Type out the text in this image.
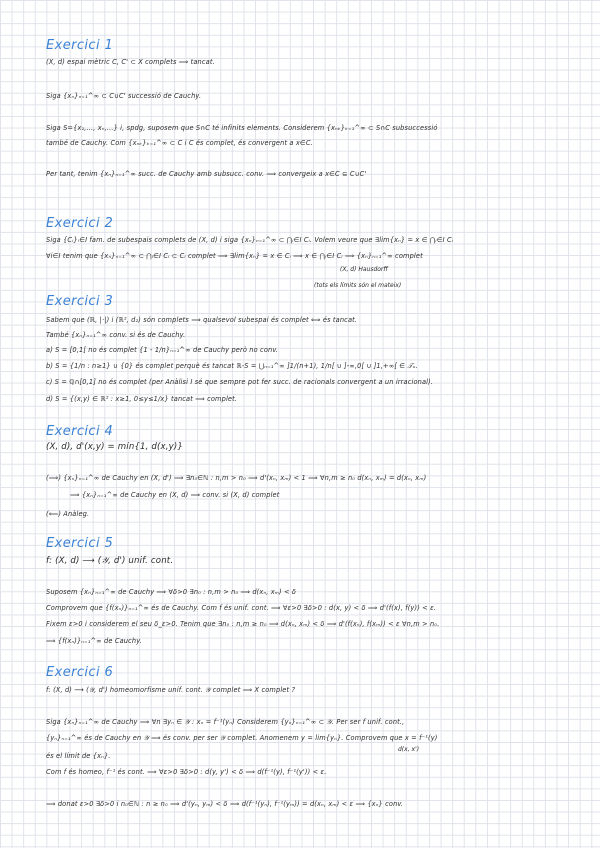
Exercici 1
(X, d) espai mètric C, C' ⊂ X complets ⟹ tancat.
Siga {xₙ}ₙ₌₁^∞ ⊂ C∪C' successió de Cauchy.
Siga S={x₁,..., xₙ,...} i, spdg, suposem que S∩C té infinits elements. Considerem {xₙₖ}ₖ₌₁^∞ ⊂ S∩C subsuccessió
també de Cauchy. Com {xₙₖ}ₖ₌₁^∞ ⊂ C i C és complet, és convergent a x∈C.
Per tant, tenim {xₙ}ₙ₌₁^∞ succ. de Cauchy amb subsucc. conv. ⟹ convergeix a x∈C ⊆ C∪C'
Exercici 2
Siga {Cᵢ}ᵢ∈I fam. de subespais complets de (X, d) i siga {xₙ}ₙ₌₁^∞ ⊂ ⋂ᵢ∈I Cᵢ. Volem veure que ∃lim{xₙ} = x ∈ ⋂ᵢ∈I Cᵢ
∀i∈I tenim que {xₙ}ₙ₌₁^∞ ⊂ ⋂ᵢ∈I Cᵢ ⊂ Cᵢ complet ⟹ ∃lim{xₙ} = x ∈ Cᵢ ⟹ x ∈ ⋂ᵢ∈I Cᵢ ⟹ {xₙ}ₙ₌₁^∞ complet
(X, d) Hausdorff
(tots els límits són el mateix)
Exercici 3
Sabem que (ℝ, |·|) i (ℝ², d₂) són complets ⟹ qualsevol subespai és complet ⟺ és tancat.
També {xₙ}ₙ₌₁^∞ conv. si és de Cauchy.
a) S = [0,1[ no és complet {1 - 1/n}ₙ₌₁^∞ de Cauchy però no conv.
b) S = {1/n : n≥1} ∪ {0} és complet perquè és tancat ℝ-S = ⋃ₙ₌₁^∞ ]1/(n+1), 1/n[ ∪ ]-∞,0[ ∪ ]1,+∞[ ∈ 𝒯ᵤ.
c) S = ℚ∩[0,1] no és complet (per Anàlisi I sé que sempre pot fer succ. de racionals convergent a un irracional).
d) S = {(x,y) ∈ ℝ² : x≥1, 0≤y≤1/x} tancat ⟹ complet.
Exercici 4
(X, d), d'(x,y) = mín{1, d(x,y)}
(⟹) {xₙ}ₙ₌₁^∞ de Cauchy en (X, d') ⟹ ∃n₀∈ℕ : n,m > n₀ ⟹ d'(xₙ, xₘ) < 1 ⟹ ∀n,m ≥ n₀ d(xₙ, xₘ) = d(xₙ, xₘ)
⟹ {xₙ}ₙ₌₁^∞ de Cauchy en (X, d) ⟹ conv. si (X, d) complet
(⟸) Anàleg.
Exercici 5
f: (X, d) ⟶ (𝒴, d') unif. cont.
Suposem {xₙ}ₙ₌₁^∞ de Cauchy ⟹ ∀δ>0 ∃n₀ : n,m > n₀ ⟹ d(xₙ, xₘ) < δ
Comprovem que {f(xₙ)}ₙ₌₁^∞ és de Cauchy. Com f és unif. cont. ⟹ ∀ε>0 ∃δ>0 : d(x, y) < δ ⟹ d'(f(x), f(y)) < ε.
Fixem ε>0 i considerem el seu δ_ε>0. Tenim que ∃n₀ : n,m ≥ n₀ ⟹ d(xₙ, xₘ) < δ ⟹ d'(f(xₙ), f(xₘ)) < ε ∀n,m > n₀.
⟹ {f(xₙ)}ₙ₌₁^∞ de Cauchy.
Exercici 6
f: (X, d) ⟶ (𝒴, d') homeomorfisme unif. cont. 𝒴 complet ⟹ X complet ?
Siga {xₙ}ₙ₌₁^∞ de Cauchy ⟹ ∀n ∃yₙ ∈ 𝒴 : xₙ = f⁻¹(yₙ) Considerem {yₙ}ₙ₌₁^∞ ⊂ 𝒴. Per ser f unif. cont.,
{yₙ}ₙ₌₁^∞ és de Cauchy en 𝒴 ⟹ és conv. per ser 𝒴 complet. Anomenem y = lim{yₙ}. Comprovem que x = f⁻¹(y)
d(x, x')
és el límit de {xₙ}.
Com f és homeo, f⁻¹ és cont. ⟹ ∀ε>0 ∃δ>0 : d(y, y') < δ ⟹ d(f⁻¹(y), f⁻¹(y')) < ε.
⟹ donat ε>0 ∃δ>0 i n₀∈ℕ : n ≥ n₀ ⟹ d'(yₙ, yₘ) < δ ⟹ d(f⁻¹(yₙ), f⁻¹(yₘ)) = d(xₙ, xₘ) < ε ⟹ {xₙ} conv.
